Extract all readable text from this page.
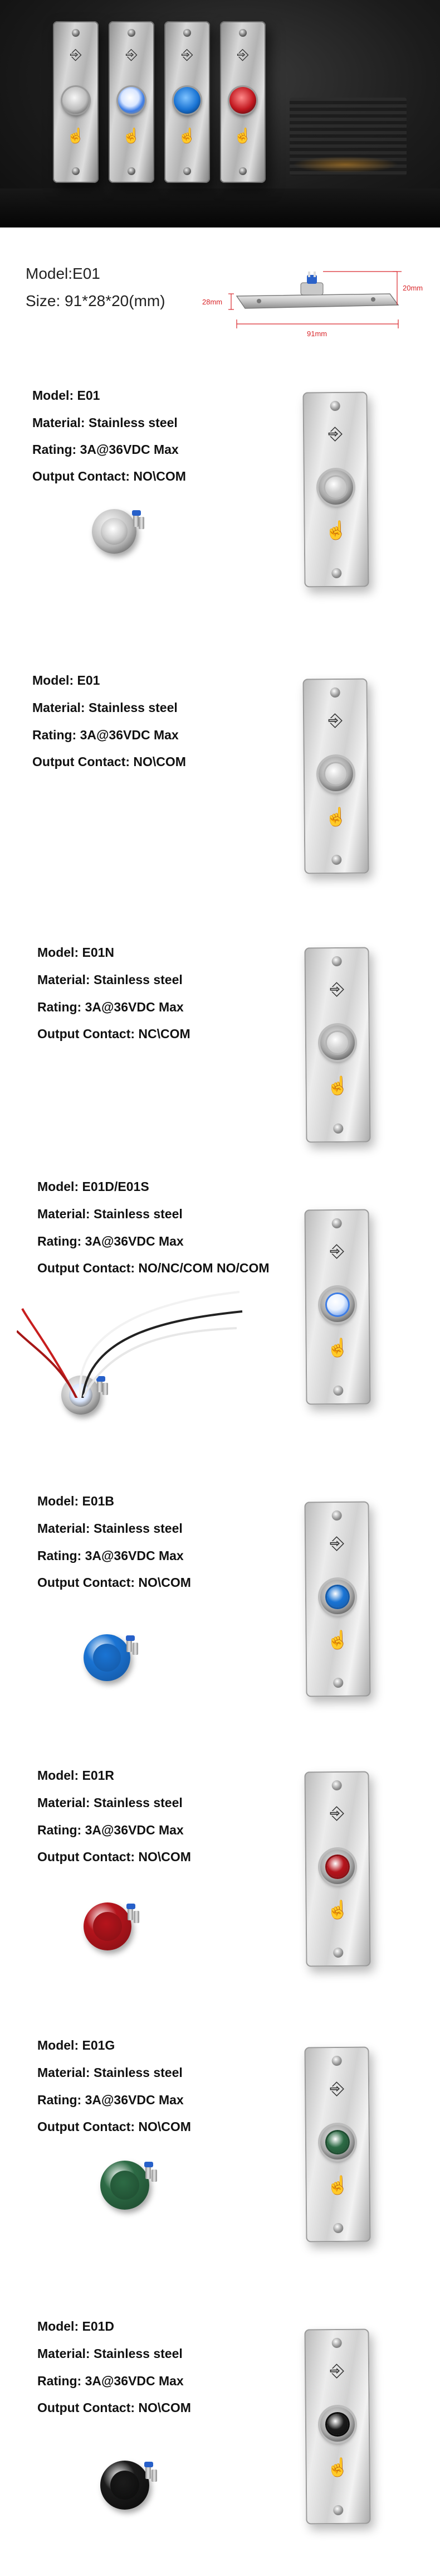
⎆
☝
⎆
☝
⎆
☝
⎆
☝
Model:E01
Size: 91*28*20(mm)	28mm
20mm
91mm
Model: E01
Material: Stainless steel
Rating: 3A@36VDC Max
Output Contact: NO\COM
⎆
☝
Model: E01
Material: Stainless steel
Rating: 3A@36VDC Max
Output Contact: NO\COM
⎆
☝
Model: E01N
Material: Stainless steel
Rating: 3A@36VDC Max
Output Contact: NC\COM
⎆
☝
Model: E01D/E01S
Material: Stainless steel
Rating: 3A@36VDC Max
Output Contact: NO/NC/COM NO/COM
⎆
☝
Model: E01B
Material: Stainless steel
Rating: 3A@36VDC Max
Output Contact: NO\COM
⎆
☝
Model: E01R
Material: Stainless steel
Rating: 3A@36VDC Max
Output Contact: NO\COM
⎆
☝
Model: E01G
Material: Stainless steel
Rating: 3A@36VDC Max
Output Contact: NO\COM
⎆
☝
Model: E01D
Material: Stainless steel
Rating: 3A@36VDC Max
Output Contact: NO\COM
⎆
☝
